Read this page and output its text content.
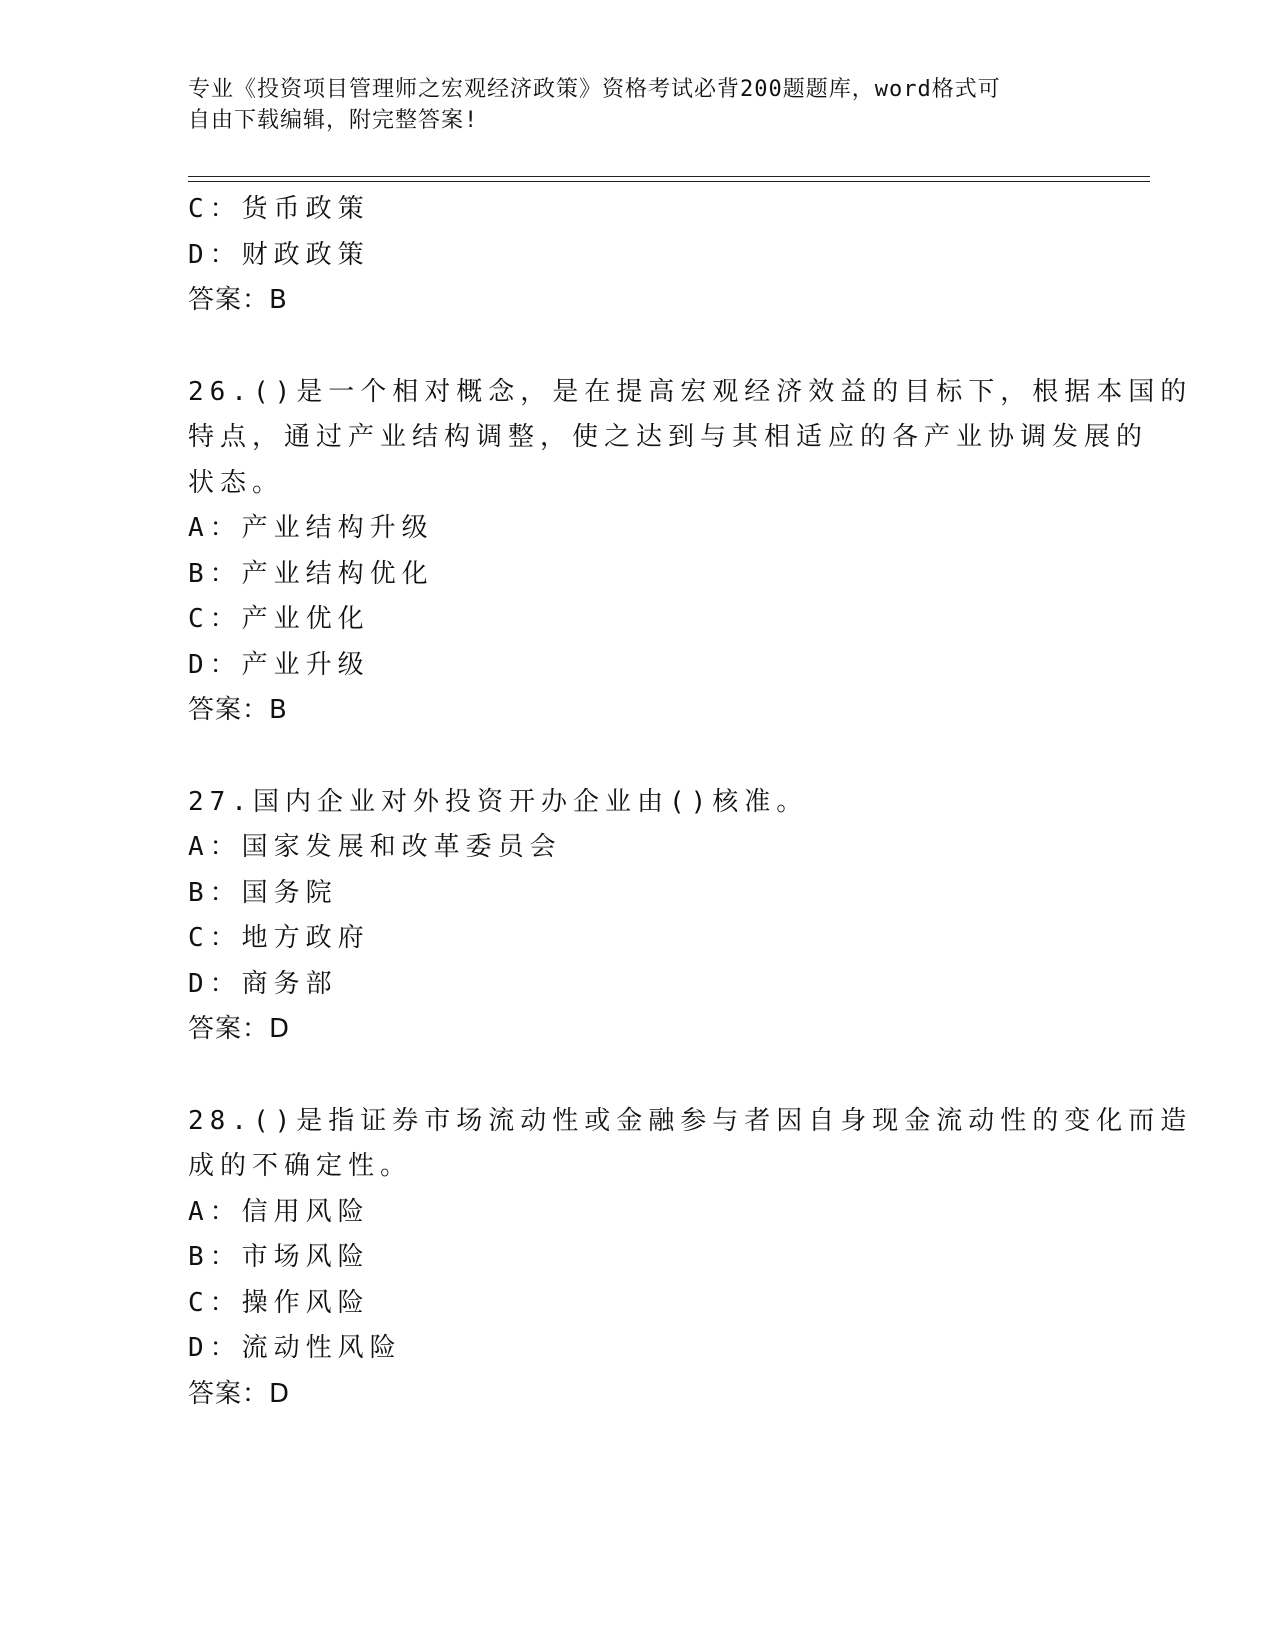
专业《投资项目管理师之宏观经济政策》资格考试必背200题题库，word格式可
自由下载编辑，附完整答案!
C：货币政策
D：财政政策
答案：B
26.()是一个相对概念，是在提高宏观经济效益的目标下，根据本国的
特点，通过产业结构调整，使之达到与其相适应的各产业协调发展的
状态。
A：产业结构升级
B：产业结构优化
C：产业优化
D：产业升级
答案：B
27.国内企业对外投资开办企业由()核准。
A：国家发展和改革委员会
B：国务院
C：地方政府
D：商务部
答案：D
28.()是指证券市场流动性或金融参与者因自身现金流动性的变化而造
成的不确定性。
A：信用风险
B：市场风险
C：操作风险
D：流动性风险
答案：D
